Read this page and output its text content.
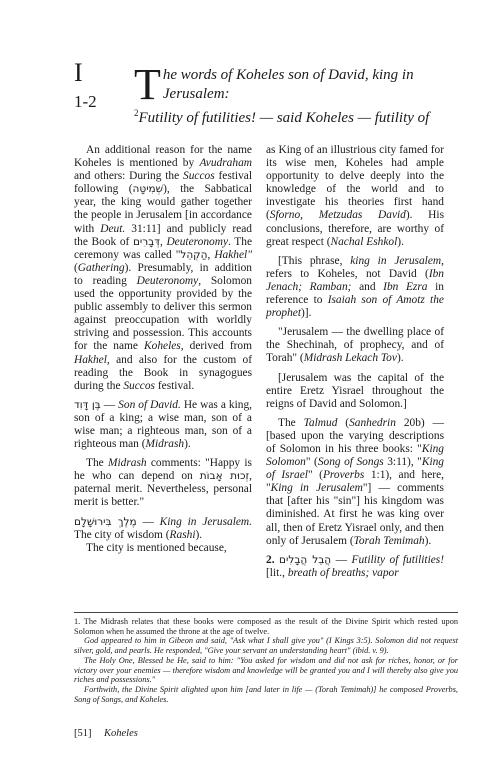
I
1-2 The words of Koheles son of David, king in Jerusalem:

$^2$Futility of futilities! — said Koheles — futility of

An additional reason for the name Koheles is mentioned by Avudraham and others: During the Succos festival following (שְׁמִיטָּה), the Sabbatical year, the king would gather together the people in Jerusalem [in accordance with Deut. 31:11] and publicly read the Book of דְּבָרִים, Deuteronomy. The ceremony was called "הַקְהֵל, Hakhel" (Gathering). Presumably, in addition to reading Deuteronomy, Solomon used the opportunity provided by the public assembly to deliver this sermon against preoccupation with worldly striving and possession. This accounts for the name Koheles, derived from Hakhel, and also for the custom of reading the Book in synagogues during the Succos festival.

בֶּן דָּוִד — Son of David. He was a king, son of a king; a wise man, son of a wise man; a righteous man, son of a righteous man (Midrash).

The Midrash comments: "Happy is he who can depend on זְכוּת אָבוֹת, paternal merit. Nevertheless, personal merit is better."

מֶלֶךְ בִּירוּשָׁלָם — King in Jerusalem. The city of wisdom (Rashi).

The city is mentioned because,

as King of an illustrious city famed for its wise men, Koheles had ample opportunity to delve deeply into the knowledge of the world and to investigate his theories first hand (Sforno, Metzudas David). His conclusions, therefore, are worthy of great respect (Nachal Eshkol).

[This phrase, king in Jerusalem, refers to Koheles, not David (Ibn Jenach; Ramban; and Ibn Ezra in reference to Isaiah son of Amotz the prophet)].

"Jerusalem — the dwelling place of the Shechinah, of prophecy, and of Torah" (Midrash Lekach Tov).

[Jerusalem was the capital of the entire Eretz Yisrael throughout the reigns of David and Solomon.]

The Talmud (Sanhedrin 20b) — [based upon the varying descriptions of Solomon in his three books: "King Solomon" (Song of Songs 3:11), "King of Israel" (Proverbs 1:1), and here, "King in Jerusalem"] — comments that [after his "sin"] his kingdom was diminished. At first he was king over all, then of Eretz Yisrael only, and then only of Jerusalem (Torah Temimah).

2. הֲבֵל הֲבָלִים — Futility of futilities! [lit., breath of breaths; vapor

1. The Midrash relates that these books were composed as the result of the Divine Spirit which rested upon Solomon when he assumed the throne at the age of twelve.

God appeared to him in Gibeon and said, "Ask what I shall give you" (I Kings 3:5). Solomon did not request silver, gold, and pearls. He responded, "Give your servant an understanding heart" (ibid. v. 9).

The Holy One, Blessed be He, said to him: "You asked for wisdom and did not ask for riches, honor, or for victory over your enemies — therefore wisdom and knowledge will be granted you and I will thereby also give you riches and possessions."

Forthwith, the Divine Spirit alighted upon him [and later in life — (Torah Temimah)] he composed Proverbs, Song of Songs, and Koheles.

[51] Koheles
